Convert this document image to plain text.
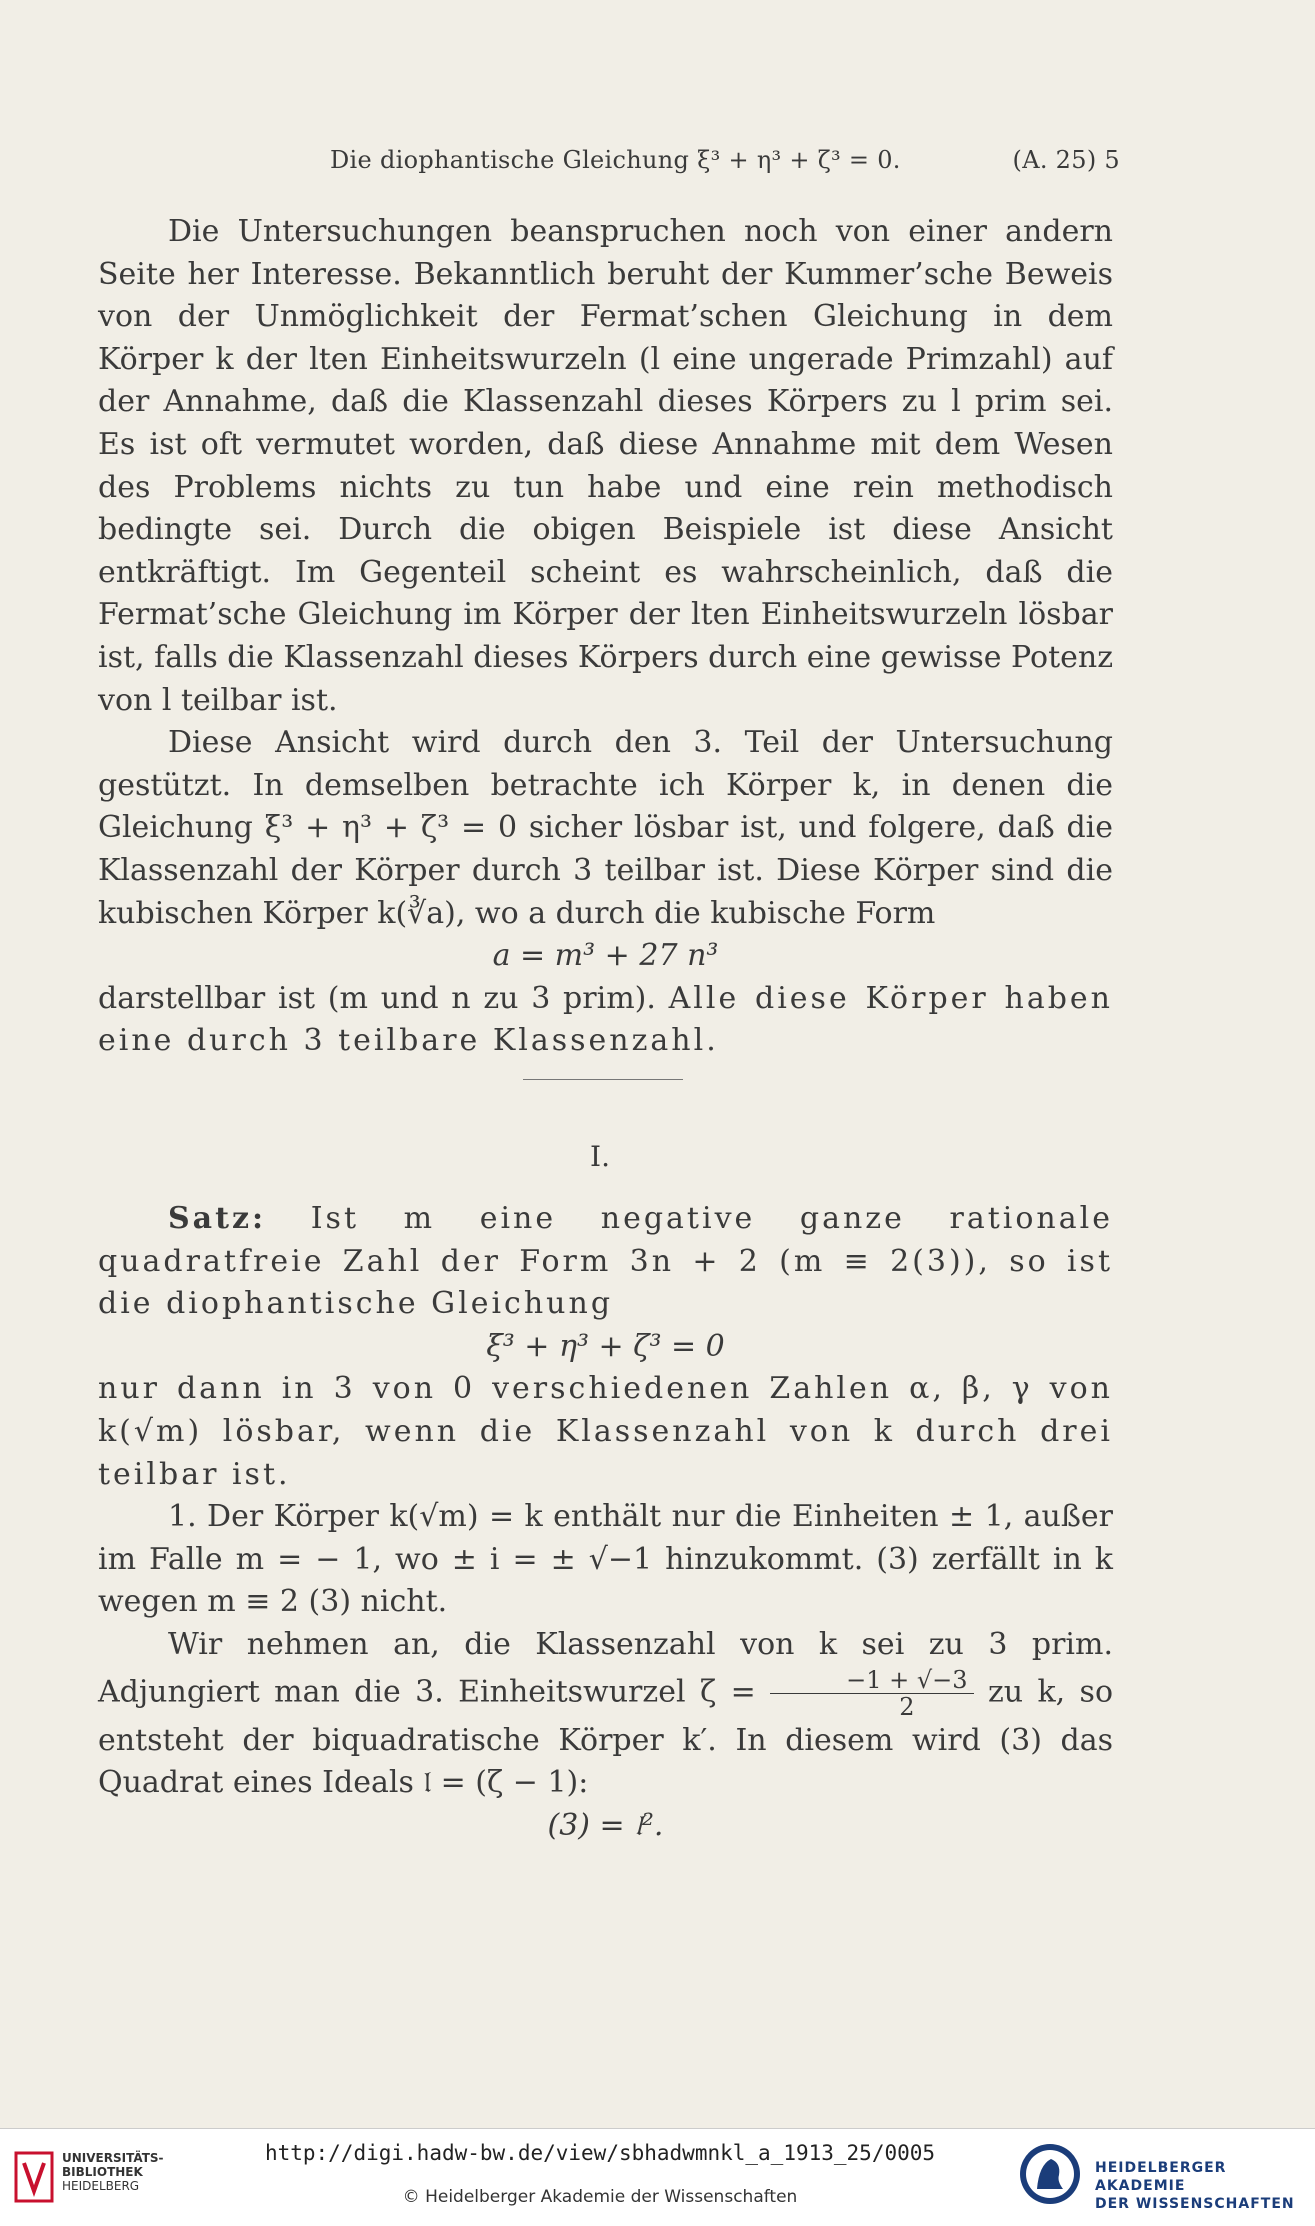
Die diophantische Gleichung ξ³ + η³ + ζ³ = 0.	(A. 25) 5

Die Untersuchungen beanspruchen noch von einer andern Seite her Interesse. Bekanntlich beruht der Kummer’sche Beweis von der Unmöglichkeit der Fermat’schen Gleichung in dem Körper k der lten Einheitswurzeln (l eine ungerade Primzahl) auf der Annahme, daß die Klassenzahl dieses Körpers zu l prim sei. Es ist oft vermutet worden, daß diese Annahme mit dem Wesen des Problems nichts zu tun habe und eine rein methodisch bedingte sei. Durch die obigen Beispiele ist diese Ansicht entkräftigt. Im Gegenteil scheint es wahrscheinlich, daß die Fermat’sche Gleichung im Körper der lten Einheitswurzeln lösbar ist, falls die Klassenzahl dieses Körpers durch eine gewisse Potenz von l teilbar ist.

Diese Ansicht wird durch den 3. Teil der Untersuchung gestützt. In demselben betrachte ich Körper k, in denen die Gleichung ξ³ + η³ + ζ³ = 0 sicher lösbar ist, und folgere, daß die Klassenzahl der Körper durch 3 teilbar ist. Diese Körper sind die kubischen Körper k(∛a), wo a durch die kubische Form

a = m³ + 27 n³

darstellbar ist (m und n zu 3 prim). Alle diese Körper haben eine durch 3 teilbare Klassenzahl.

I.

Satz: Ist m eine negative ganze rationale quadratfreie Zahl der Form 3n + 2 (m ≡ 2(3)), so ist die diophantische Gleichung

ξ³ + η³ + ζ³ = 0

nur dann in 3 von 0 verschiedenen Zahlen α, β, γ von k(√m) lösbar, wenn die Klassenzahl von k durch drei teilbar ist.

1. Der Körper k(√m) = k enthält nur die Einheiten ± 1, außer im Falle m = − 1, wo ± i = ± √−1 hinzukommt. (3) zerfällt in k wegen m ≡ 2 (3) nicht.

Wir nehmen an, die Klassenzahl von k sei zu 3 prim. Adjungiert man die 3. Einheitswurzel $\zeta = \frac{-1 + √-3}{2}$ zu k, so entsteht der biquadratische Körper k′. In diesem wird (3) das Quadrat eines Ideals 𝔩 = (ζ − 1):

(3) = 𝔩².

UNIVERSITÄTS-
BIBLIOTHEK
HEIDELBERG
http://digi.hadw-bw.de/view/sbhadwmnkl_a_1913_25/0005
© Heidelberger Akademie der Wissenschaften
HEIDELBERGER AKADEMIE
DER WISSENSCHAFTEN
